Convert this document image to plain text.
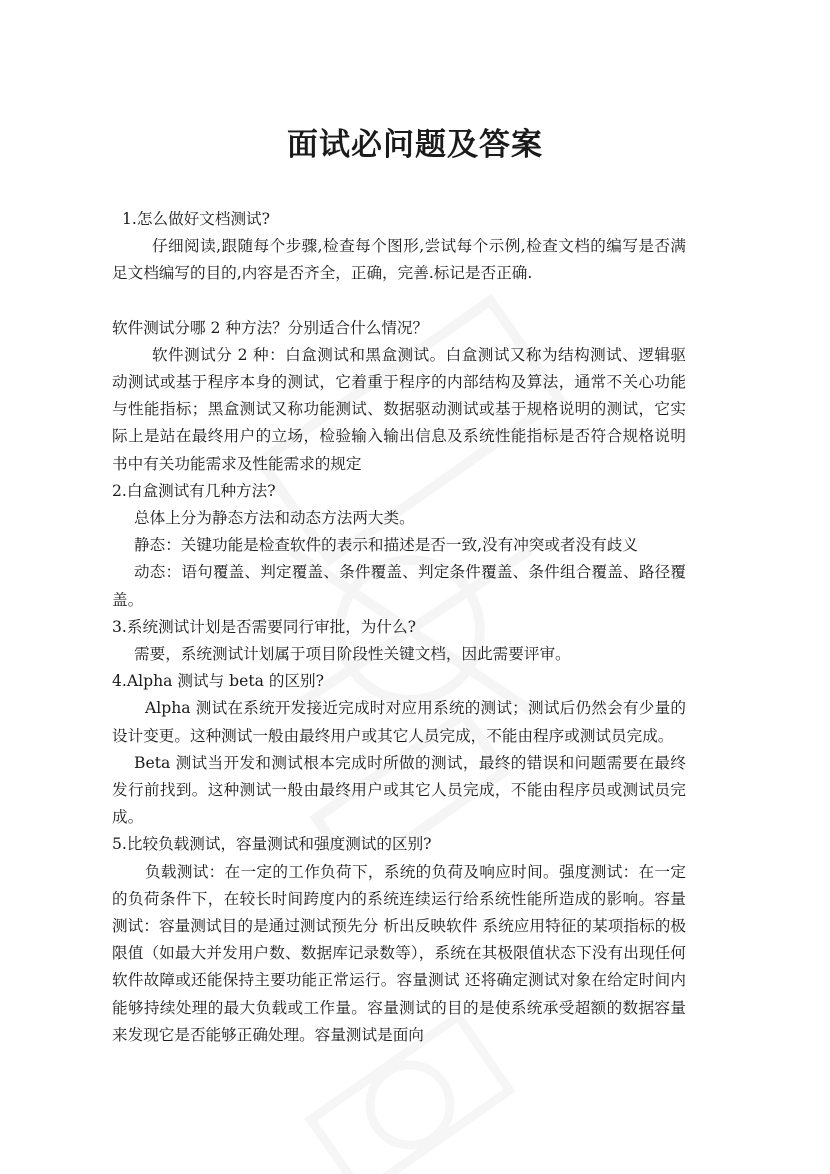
面试必问题及答案

1.怎么做好文档测试?

仔细阅读,跟随每个步骤,检查每个图形,尝试每个示例,检查文档的编写是否满足文档编写的目的,内容是否齐全，正确，完善.标记是否正确.

软件测试分哪 2 种方法？分别适合什么情况？

软件测试分 2 种：白盒测试和黑盒测试。白盒测试又称为结构测试、逻辑驱动测试或基于程序本身的测试，它着重于程序的内部结构及算法，通常不关心功能与性能指标；黑盒测试又称功能测试、数据驱动测试或基于规格说明的测试，它实际上是站在最终用户的立场，检验输入输出信息及系统性能指标是否符合规格说明书中有关功能需求及性能需求的规定

2.白盒测试有几种方法?

总体上分为静态方法和动态方法两大类。

静态：关键功能是检查软件的表示和描述是否一致,没有冲突或者没有歧义

动态：语句覆盖、判定覆盖、条件覆盖、判定条件覆盖、条件组合覆盖、路径覆盖。

3.系统测试计划是否需要同行审批，为什么?

需要，系统测试计划属于项目阶段性关键文档，因此需要评审。

4.Alpha 测试与 beta 的区别?

Alpha 测试在系统开发接近完成时对应用系统的测试；测试后仍然会有少量的设计变更。这种测试一般由最终用户或其它人员完成，不能由程序或测试员完成。

Beta 测试当开发和测试根本完成时所做的测试，最终的错误和问题需要在最终发行前找到。这种测试一般由最终用户或其它人员完成，不能由程序员或测试员完成。

5.比较负载测试，容量测试和强度测试的区别?

负载测试：在一定的工作负荷下，系统的负荷及响应时间。强度测试：在一定的负荷条件下，在较长时间跨度内的系统连续运行给系统性能所造成的影响。容量测试：容量测试目的是通过测试预先分 析出反映软件 系统应用特征的某项指标的极限值（如最大并发用户数、数据库记录数等），系统在其极限值状态下没有出现任何软件故障或还能保持主要功能正常运行。容量测试 还将确定测试对象在给定时间内能够持续处理的最大负载或工作量。容量测试的目的是使系统承受超额的数据容量来发现它是否能够正确处理。容量测试是面向
